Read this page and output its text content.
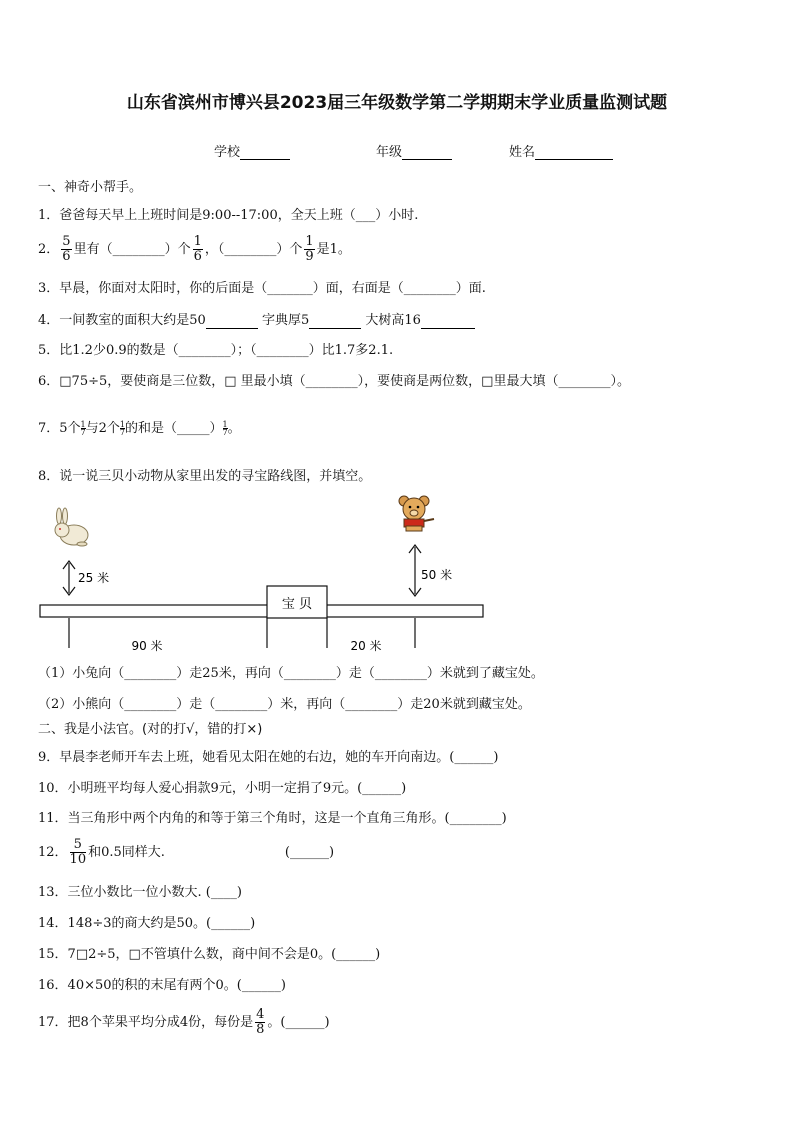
山东省滨州市博兴县2023届三年级数学第二学期期末学业质量监测试题
学校	年级	姓名
一、神奇小帮手。
1．爸爸每天早上上班时间是9:00--17:00，全天上班（___）小时.
2． $\frac{5}{6}$ 里有（________）个 $\frac{1}{6}$ ，（________）个 $\frac{1}{9}$ 是1。
3．早晨，你面对太阳时，你的后面是（_______）面，右面是（________）面.
4．一间教室的面积大约是50	字典厚5	大树高16
5．比1.2少0.9的数是（________）；（________）比1.7多2.1.
6．□75÷5，要使商是三位数，□ 里最小填（________），要使商是两位数，□里最大填（________）。
7．5个 $\frac{1}{7}$ 与2个 $\frac{1}{7}$ 的和是（_____） $\frac{1}{7}$ 。
8．说一说三贝小动物从家里出发的寻宝路线图，并填空。
25 米	50 米
宝 贝
90 米	20 米
（1）小兔向（________）走25米，再向（________）走（________）米就到了藏宝处。
（2）小熊向（________）走（________）米，再向（________）走20米就到藏宝处。
二、我是小法官。(对的打√，错的打×)
9．早晨李老师开车去上班，她看见太阳在她的右边，她的车开向南边。(______)
10．小明班平均每人爱心捐款9元，小明一定捐了9元。(______)
11．当三角形中两个内角的和等于第三个角时，这是一个直角三角形。(________)
12． $\frac{5}{10}$ 和0.5同样大.	(______)
13．三位小数比一位小数大. (____)
14．148÷3的商大约是50。(______)
15．7□2÷5，□不管填什么数，商中间不会是0。(______)
16．40×50的积的末尾有两个0。(______)
17．把8个苹果平均分成4份，每份是 $\frac{4}{8}$ 。(______)
